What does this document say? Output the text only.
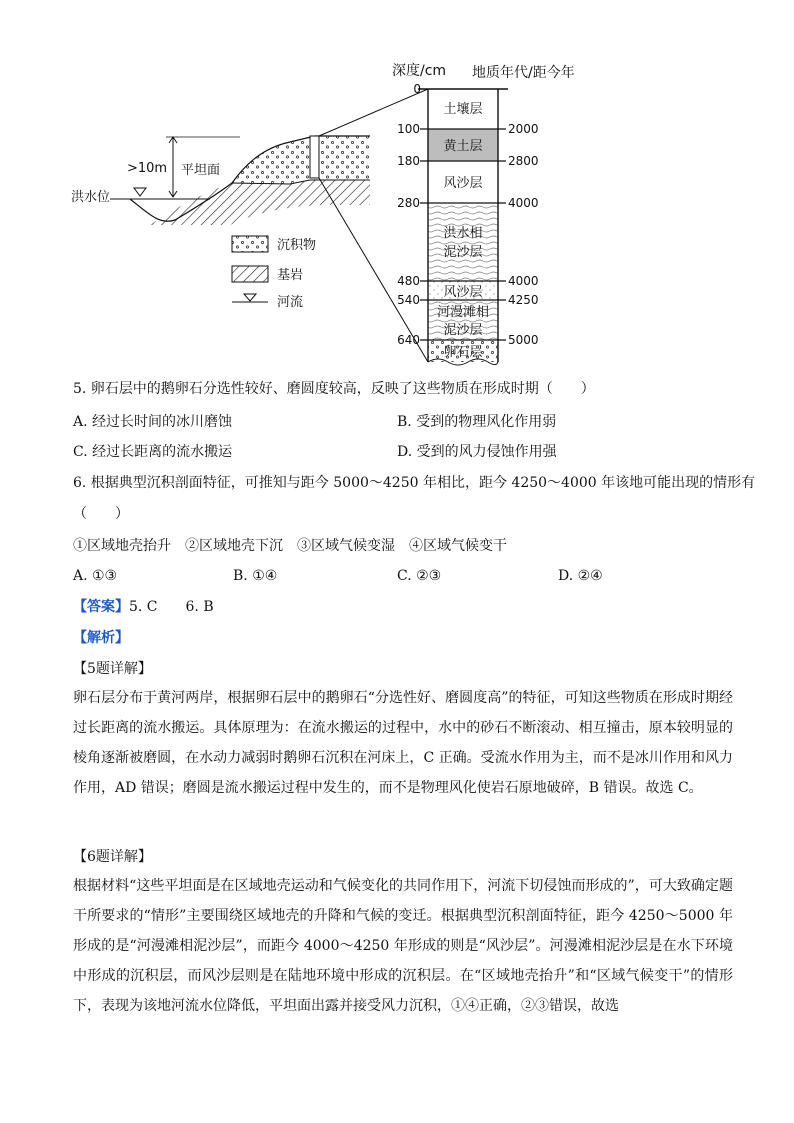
>10m 平坦面
洪水位
沉积物
基岩
河流
深度/cm 地质年代/距今年
土壤层
黄土层
风沙层
洪水相
泥沙层
风沙层
河漫滩相
泥沙层
卵石层
0
100
180
280
480
540
640
2000
2800
4000
4000
4250
5000
5. 卵石层中的鹅卵石分选性较好、磨圆度较高，反映了这些物质在形成时期（　　）
A. 经过长时间的冰川磨蚀	B. 受到的物理风化作用弱
C. 经过长距离的流水搬运	D. 受到的风力侵蚀作用强
6. 根据典型沉积剖面特征，可推知与距今 5000～4250 年相比，距今 4250～4000 年该地可能出现的情形有
（　　）
①区域地壳抬升　②区域地壳下沉　③区域气候变湿　④区域气候变干
A. ①③	B. ①④	C. ②③	D. ②④
【答案】5. C　　6. B
【解析】
【5题详解】

卵石层分布于黄河两岸，根据卵石层中的鹅卵石“分选性好、磨圆度高”的特征，可知这些物质在形成时期经过长距离的流水搬运。具体原理为：在流水搬运的过程中，水中的砂石不断滚动、相互撞击，原本较明显的棱角逐渐被磨圆，在水动力减弱时鹅卵石沉积在河床上，C 正确。受流水作用为主，而不是冰川作用和风力作用，AD 错误；磨圆是流水搬运过程中发生的，而不是物理风化使岩石原地破碎，B 错误。故选 C。

【6题详解】

根据材料“这些平坦面是在区域地壳运动和气候变化的共同作用下，河流下切侵蚀而形成的”，可大致确定题干所要求的“情形”主要围绕区域地壳的升降和气候的变迁。根据典型沉积剖面特征，距今 4250～5000 年形成的是“河漫滩相泥沙层”，而距今 4000～4250 年形成的则是“风沙层”。河漫滩相泥沙层是在水下环境中形成的沉积层，而风沙层则是在陆地环境中形成的沉积层。在“区域地壳抬升”和“区域气候变干”的情形下，表现为该地河流水位降低，平坦面出露并接受风力沉积，①④正确，②③错误，故选
